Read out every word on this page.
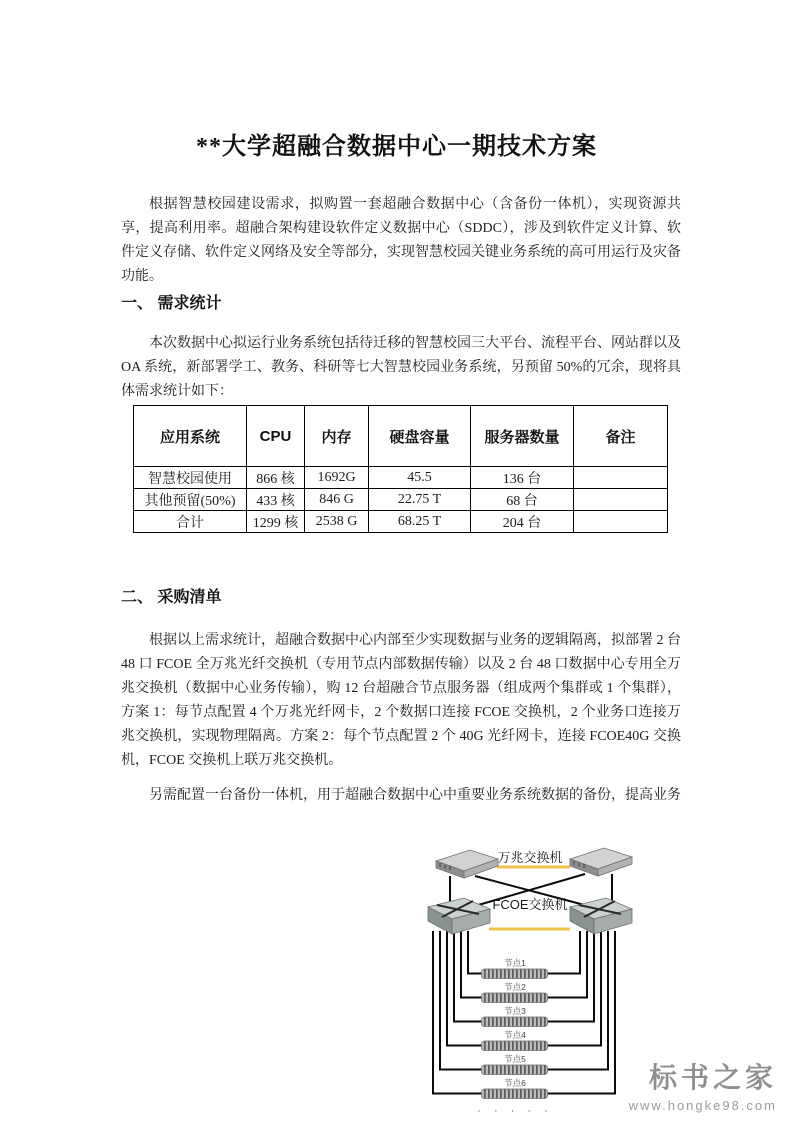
**大学超融合数据中心一期技术方案

根据智慧校园建设需求，拟购置一套超融合数据中心（含备份一体机），实现资源共享，提高利用率。超融合架构建设软件定义数据中心（SDDC），涉及到软件定义计算、软件定义存储、软件定义网络及安全等部分，实现智慧校园关键业务系统的高可用运行及灾备功能。

一、 需求统计

本次数据中心拟运行业务系统包括待迁移的智慧校园三大平台、流程平台、网站群以及OA 系统，新部署学工、教务、科研等七大智慧校园业务系统，另预留 50%的冗余，现将具体需求统计如下：

应用系统	CPU	内存	硬盘容量	服务器数量	备注
智慧校园使用	866 核	1692G	45.5	136 台	
其他预留(50%)	433 核	846 G	22.75 T	68 台	
合计	1299 核	2538 G	68.25 T	204 台	
二、 采购清单

根据以上需求统计，超融合数据中心内部至少实现数据与业务的逻辑隔离，拟部署 2 台 48 口 FCOE 全万兆光纤交换机（专用节点内部数据传输）以及 2 台 48 口数据中心专用全万兆交换机（数据中心业务传输），购 12 台超融合节点服务器（组成两个集群或 1 个集群），方案 1：每节点配置 4 个万兆光纤网卡，2 个数据口连接 FCOE 交换机，2 个业务口连接万兆交换机，实现物理隔离。方案 2：每个节点配置 2 个 40G 光纤网卡，连接 FCOE40G 交换机，FCOE 交换机上联万兆交换机。

另需配置一台备份一体机，用于超融合数据中心中重要业务系统数据的备份，提高业务

万兆交换机
FCOE交换机
节点1
节点2
节点3
节点4
节点5
节点6
· · · · ·
标书之家
www.hongke98.com
